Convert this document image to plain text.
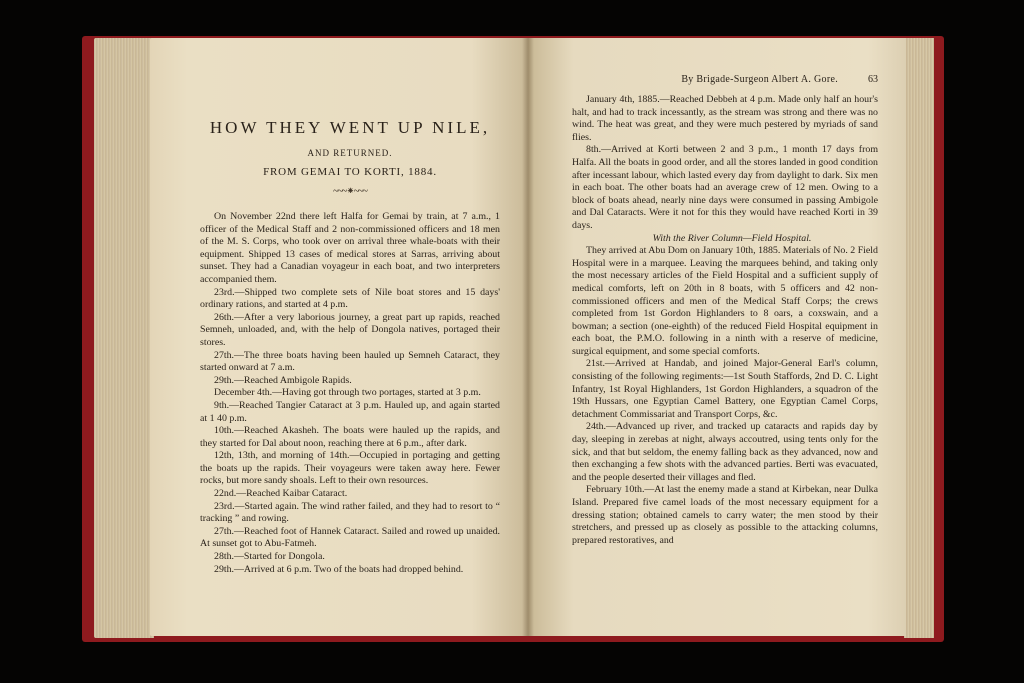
HOW THEY WENT UP NILE,
AND RETURNED.
FROM GEMAI TO KORTI, 1884.
~~~⁕~~~

On November 22nd there left Halfa for Gemai by train, at 7 a.m., 1 officer of the Medical Staff and 2 non-commissioned officers and 18 men of the M. S. Corps, who took over on arrival three whale-boats with their equipment. Shipped 13 cases of medical stores at Sarras, arriving about sunset. They had a Canadian voyageur in each boat, and two interpreters accompanied them.

23rd.—Shipped two complete sets of Nile boat stores and 15 days' ordinary rations, and started at 4 p.m.

26th.—After a very laborious journey, a great part up rapids, reached Semneh, unloaded, and, with the help of Dongola natives, portaged their stores.

27th.—The three boats having been hauled up Semneh Cataract, they started onward at 7 a.m.

29th.—Reached Ambigole Rapids.

December 4th.—Having got through two portages, started at 3 p.m.

9th.—Reached Tangier Cataract at 3 p.m. Hauled up, and again started at 1 40 p.m.

10th.—Reached Akasheh. The boats were hauled up the rapids, and they started for Dal about noon, reaching there at 6 p.m., after dark.

12th, 13th, and morning of 14th.—Occupied in portaging and getting the boats up the rapids. Their voyageurs were taken away here. Fewer rocks, but more sandy shoals. Left to their own resources.

22nd.—Reached Kaibar Cataract.

23rd.—Started again. The wind rather failed, and they had to resort to “ tracking ” and rowing.

27th.—Reached foot of Hannek Cataract. Sailed and rowed up unaided. At sunset got to Abu-Fatmeh.

28th.—Started for Dongola.

29th.—Arrived at 6 p.m. Two of the boats had dropped behind.

By Brigade-Surgeon Albert A. Gore.	63

January 4th, 1885.—Reached Debbeh at 4 p.m. Made only half an hour's halt, and had to track incessantly, as the stream was strong and there was no wind. The heat was great, and they were much pestered by myriads of sand flies.

8th.—Arrived at Korti between 2 and 3 p.m., 1 month 17 days from Halfa. All the boats in good order, and all the stores landed in good condition after incessant labour, which lasted every day from daylight to dark. Six men in each boat. The other boats had an average crew of 12 men. Owing to a block of boats ahead, nearly nine days were consumed in passing Ambigole and Dal Cataracts. Were it not for this they would have reached Korti in 39 days.

With the River Column—Field Hospital.

They arrived at Abu Dom on January 10th, 1885. Materials of No. 2 Field Hospital were in a marquee. Leaving the marquees behind, and taking only the most necessary articles of the Field Hospital and a sufficient supply of medical comforts, left on 20th in 8 boats, with 5 officers and 42 non-commissioned officers and men of the Medical Staff Corps; the crews completed from 1st Gordon Highlanders to 8 oars, a coxswain, and a bowman; a section (one-eighth) of the reduced Field Hospital equipment in each boat, the P.M.O. following in a ninth with a reserve of medicine, surgical equipment, and some special comforts.

21st.—Arrived at Handab, and joined Major-General Earl's column, consisting of the following regiments:—1st South Staffords, 2nd D. C. Light Infantry, 1st Royal Highlanders, 1st Gordon Highlanders, a squadron of the 19th Hussars, one Egyptian Camel Battery, one Egyptian Camel Corps, detachment Commissariat and Transport Corps, &c.

24th.—Advanced up river, and tracked up cataracts and rapids day by day, sleeping in zerebas at night, always accoutred, using tents only for the sick, and that but seldom, the enemy falling back as they advanced, now and then exchanging a few shots with the advanced parties. Berti was evacuated, and the people deserted their villages and fled.

February 10th.—At last the enemy made a stand at Kirbekan, near Dulka Island. Prepared five camel loads of the most necessary equipment for a dressing station; obtained camels to carry water; the men stood by their stretchers, and pressed up as closely as possible to the attacking columns, prepared restoratives, and
